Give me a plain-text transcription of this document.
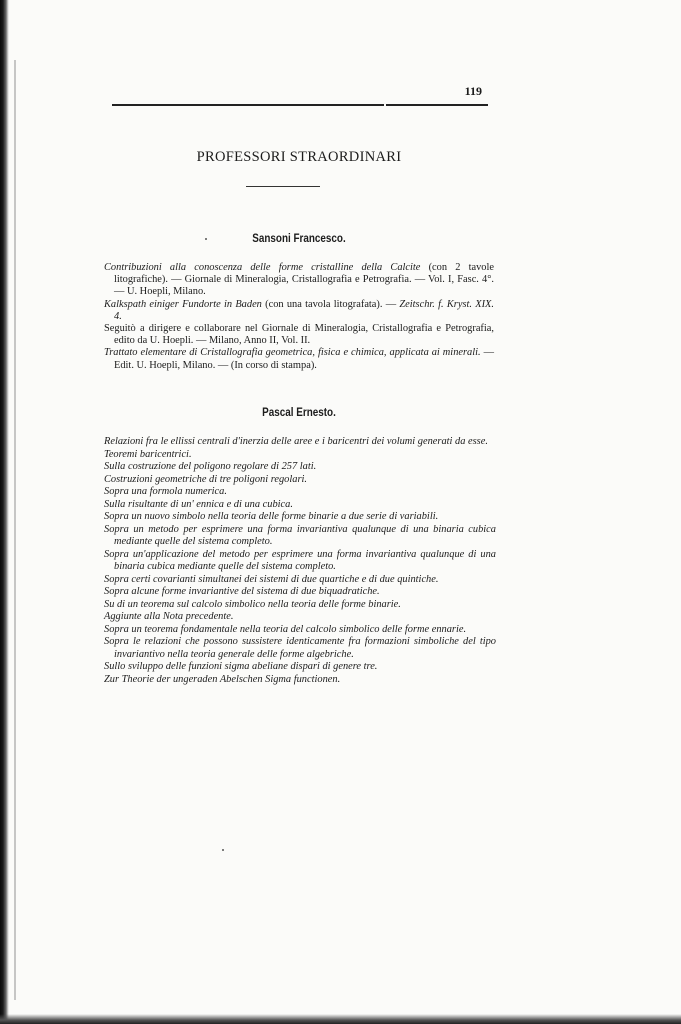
119
PROFESSORI STRAORDINARI
Sansoni Francesco.

Contribuzioni alla conoscenza delle forme cristalline della Calcite (con 2 tavole litografiche). — Giornale di Mineralogia, Cristallografia e Petrografia. — Vol. I, Fasc. 4°. — U. Hoepli, Milano.

Kalkspath einiger Fundorte in Baden (con una tavola litografata). — Zeitschr. f. Kryst. XIX. 4.

Seguitò a dirigere e collaborare nel Giornale di Mineralogia, Cristallografia e Petrografia, edito da U. Hoepli. — Milano, Anno II, Vol. II.

Trattato elementare di Cristallografia geometrica, fisica e chimica, applicata ai minerali. — Edit. U. Hoepli, Milano. — (In corso di stampa).

Pascal Ernesto.

Relazioni fra le ellissi centrali d'inerzia delle aree e i baricentri dei volumi generati da esse.

Teoremi baricentrici.

Sulla costruzione del poligono regolare di 257 lati.

Costruzioni geometriche di tre poligoni regolari.

Sopra una formola numerica.

Sulla risultante di un' ennica e di una cubica.

Sopra un nuovo simbolo nella teoria delle forme binarie a due serie di variabili.

Sopra un metodo per esprimere una forma invariantiva qualunque di una binaria cubica mediante quelle del sistema completo.

Sopra un'applicazione del metodo per esprimere una forma invariantiva qualunque di una binaria cubica mediante quelle del sistema completo.

Sopra certi covarianti simultanei dei sistemi di due quartiche e di due quintiche.

Sopra alcune forme invariantive del sistema di due biquadratiche.

Su di un teorema sul calcolo simbolico nella teoria delle forme binarie.

Aggiunte alla Nota precedente.

Sopra un teorema fondamentale nella teoria del calcolo simbolico delle forme ennarie.

Sopra le relazioni che possono sussistere identicamente fra formazioni simboliche del tipo invariantivo nella teoria generale delle forme algebriche.

Sullo sviluppo delle funzioni sigma abeliane dispari di genere tre.

Zur Theorie der ungeraden Abelschen Sigma functionen.
